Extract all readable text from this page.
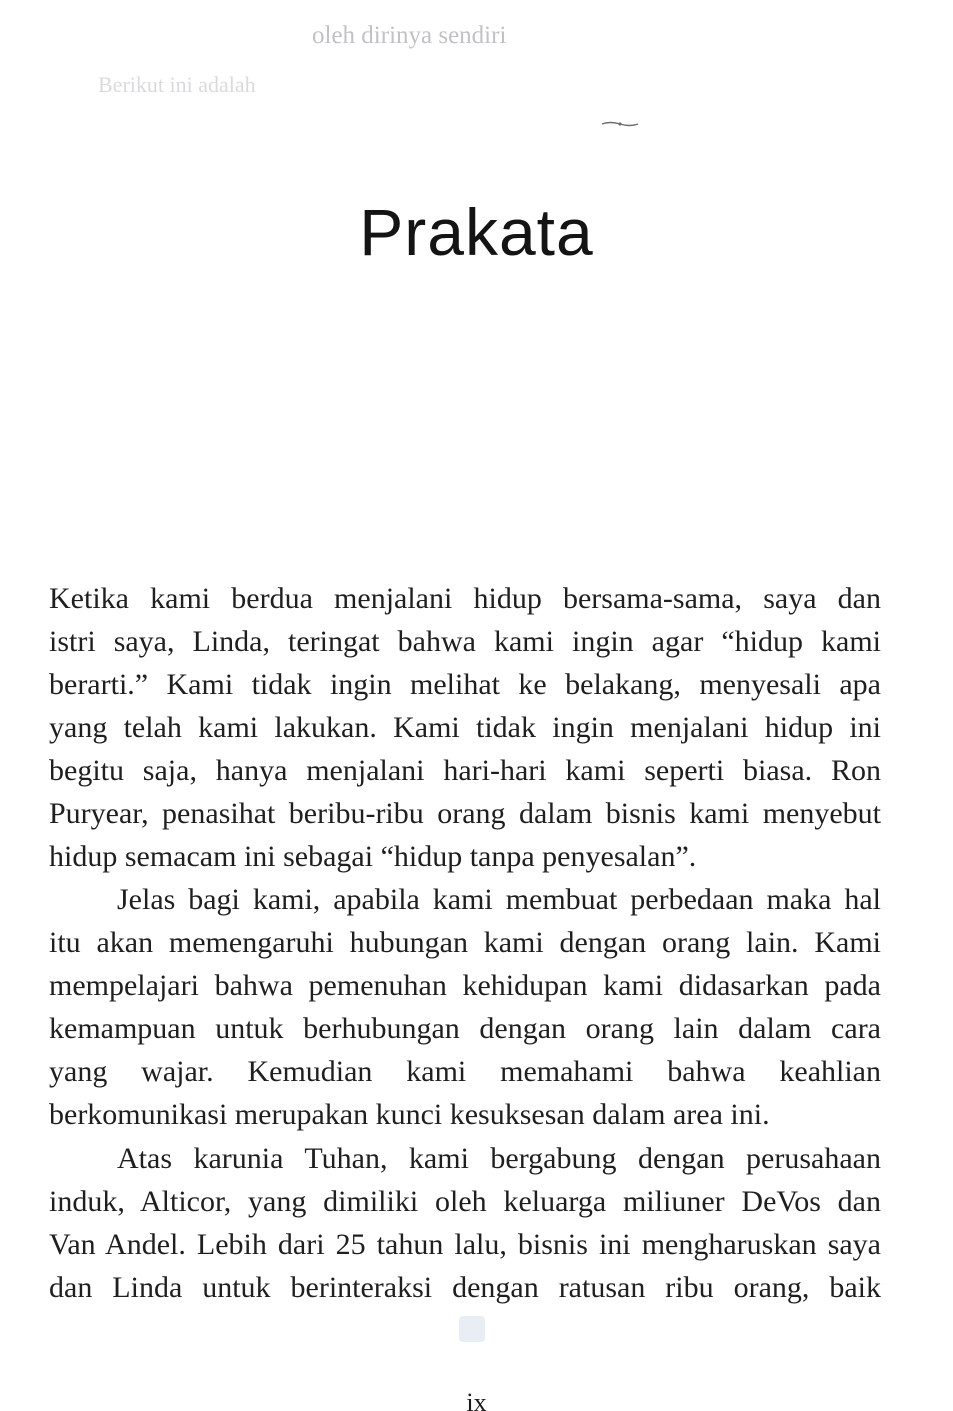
oleh dirinya sendiri
Berikut ini adalah
Prakata
Ketika kami berdua menjalani hidup bersama-sama, saya dan
istri saya, Linda, teringat bahwa kami ingin agar “hidup kami
berarti.” Kami tidak ingin melihat ke belakang, menyesali apa
yang telah kami lakukan. Kami tidak ingin menjalani hidup ini
begitu saja, hanya menjalani hari-hari kami seperti biasa. Ron
Puryear, penasihat beribu-ribu orang dalam bisnis kami menyebut
hidup semacam ini sebagai “hidup tanpa penyesalan”.
Jelas bagi kami, apabila kami membuat perbedaan maka hal
itu akan memengaruhi hubungan kami dengan orang lain. Kami
mempelajari bahwa pemenuhan kehidupan kami didasarkan pada
kemampuan untuk berhubungan dengan orang lain dalam cara
yang wajar. Kemudian kami memahami bahwa keahlian
berkomunikasi merupakan kunci kesuksesan dalam area ini.
Atas karunia Tuhan, kami bergabung dengan perusahaan
induk, Alticor, yang dimiliki oleh keluarga miliuner DeVos dan
Van Andel. Lebih dari 25 tahun lalu, bisnis ini mengharuskan saya
dan Linda untuk berinteraksi dengan ratusan ribu orang, baik
ix
